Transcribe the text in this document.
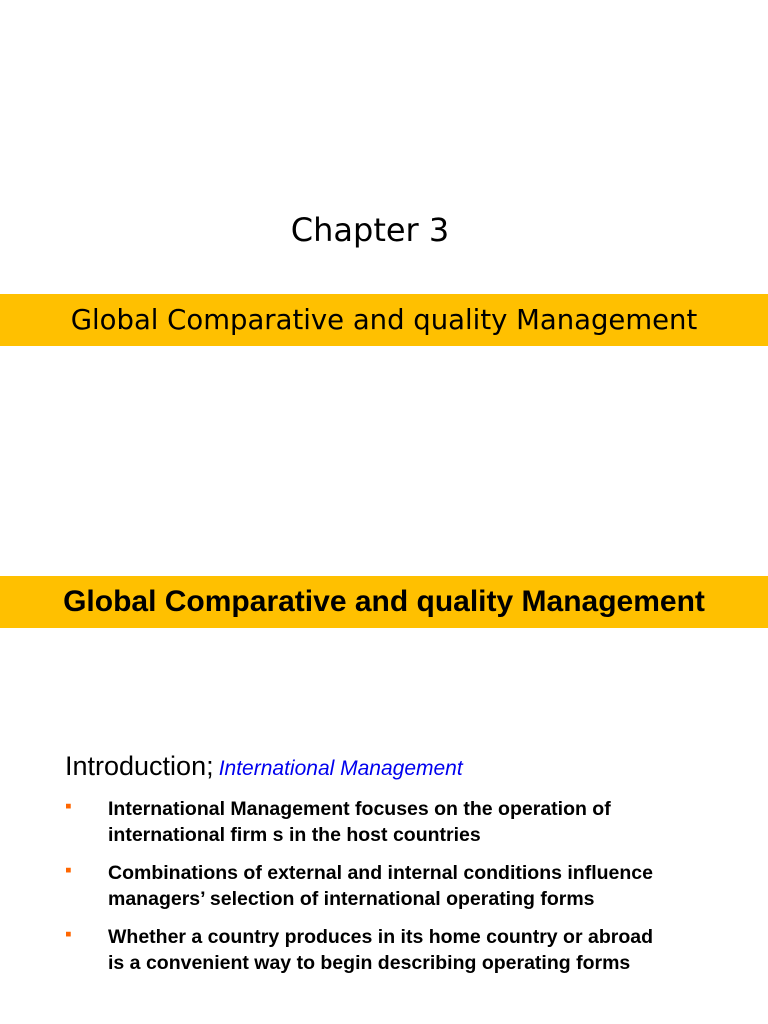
Chapter 3
Global Comparative and quality Management
Global Comparative and quality Management
Introduction; International Management
▪ International Management focuses on the operation of
international firm s in the host countries
▪ Combinations of external and internal conditions influence
managers’ selection of international operating forms
▪ Whether a country produces in its home country or abroad
is a convenient way to begin describing operating forms
